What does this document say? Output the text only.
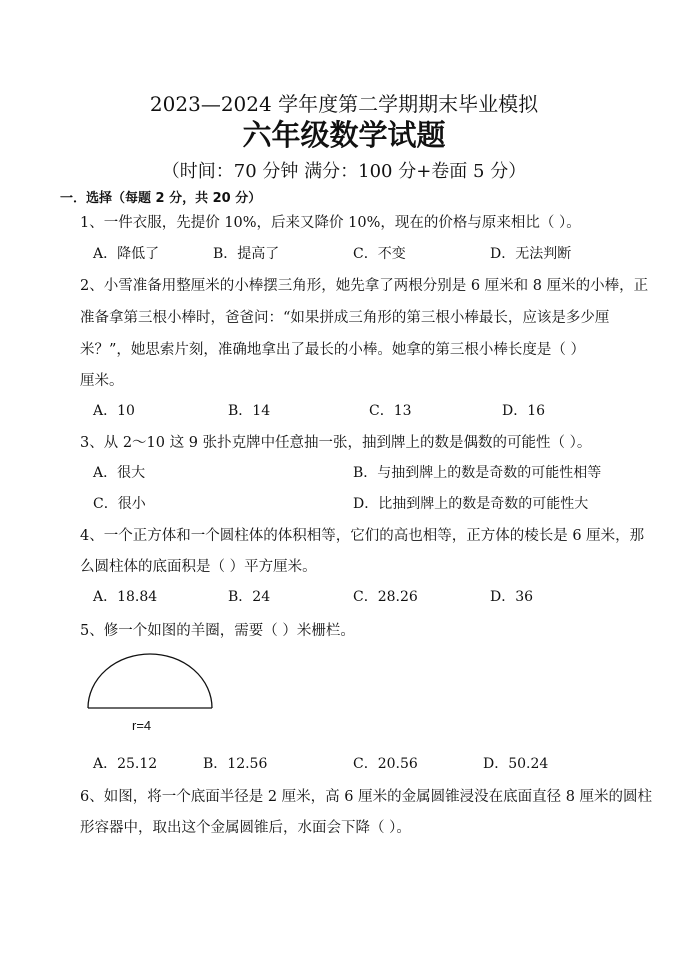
2023—2024 学年度第二学期期末毕业模拟
六年级数学试题
（时间：70 分钟 满分：100 分+卷面 5 分）
一．选择（每题 2 分，共 20 分）
1、一件衣服，先提价 10%，后来又降价 10%，现在的价格与原来相比（ ）。
A．降低了	B．提高了	C．不变	D．无法判断
2、小雪准备用整厘米的小棒摆三角形，她先拿了两根分别是 6 厘米和 8 厘米的小棒，正
准备拿第三根小棒时，爸爸问：“如果拼成三角形的第三根小棒最长，应该是多少厘
米？”，她思索片刻，准确地拿出了最长的小棒。她拿的第三根小棒长度是（ ）
厘米。
A．10	B．14	C．13	D．16
3、从 2～10 这 9 张扑克牌中任意抽一张，抽到牌上的数是偶数的可能性（ ）。
A．很大	B．与抽到牌上的数是奇数的可能性相等
C．很小	D．比抽到牌上的数是奇数的可能性大
4、一个正方体和一个圆柱体的体积相等，它们的高也相等，正方体的棱长是 6 厘米，那
么圆柱体的底面积是（ ）平方厘米。
A．18.84	B．24	C．28.26	D．36
5、修一个如图的羊圈，需要（ ）米栅栏。
r=4
A．25.12	B．12.56	C．20.56	D．50.24
6、如图，将一个底面半径是 2 厘米，高 6 厘米的金属圆锥浸没在底面直径 8 厘米的圆柱
形容器中，取出这个金属圆锥后，水面会下降（ ）。
